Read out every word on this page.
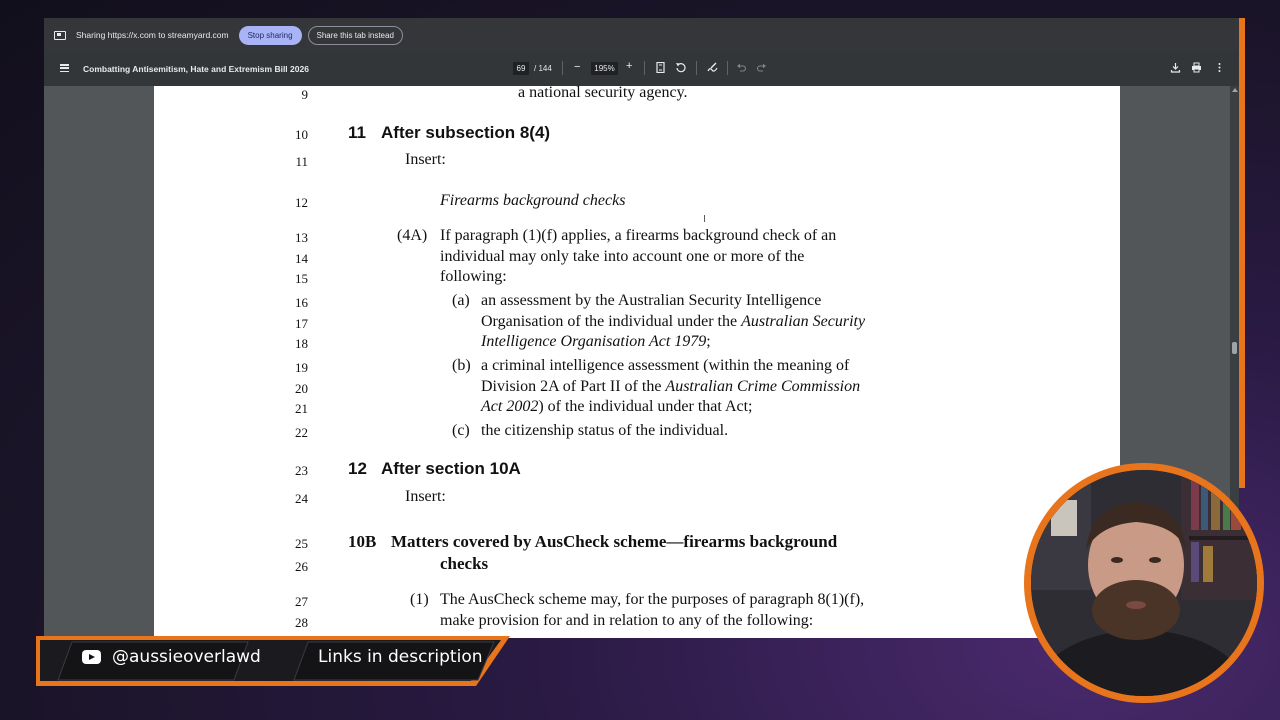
Sharing https://x.com to streamyard.com	Stop sharing	Share this tab instead
Combatting Antisemitism, Hate and Extremism Bill 2026	69	/ 144 −	195% +
9
10
11
12
13
14
15
16
17
18
19
20
21
22
23
24
25
26
27
28
a national security agency.
11 After subsection 8(4)
Insert:
Firearms background checks
(4A) If paragraph (1)(f) applies, a firearms background check of an
individual may only take into account one or more of the
following:
(a) an assessment by the Australian Security Intelligence
Organisation of the individual under the Australian Security
Intelligence Organisation Act 1979;
(b) a criminal intelligence assessment (within the meaning of
Division 2A of Part II of the Australian Crime Commission
Act 2002) of the individual under that Act;
(c) the citizenship status of the individual.
12 After section 10A
Insert:
10B Matters covered by AusCheck scheme—firearms background
checks
(1) The AusCheck scheme may, for the purposes of paragraph 8(1)(f),
make provision for and in relation to any of the following:
I
@aussieoverlawd	Links in description
